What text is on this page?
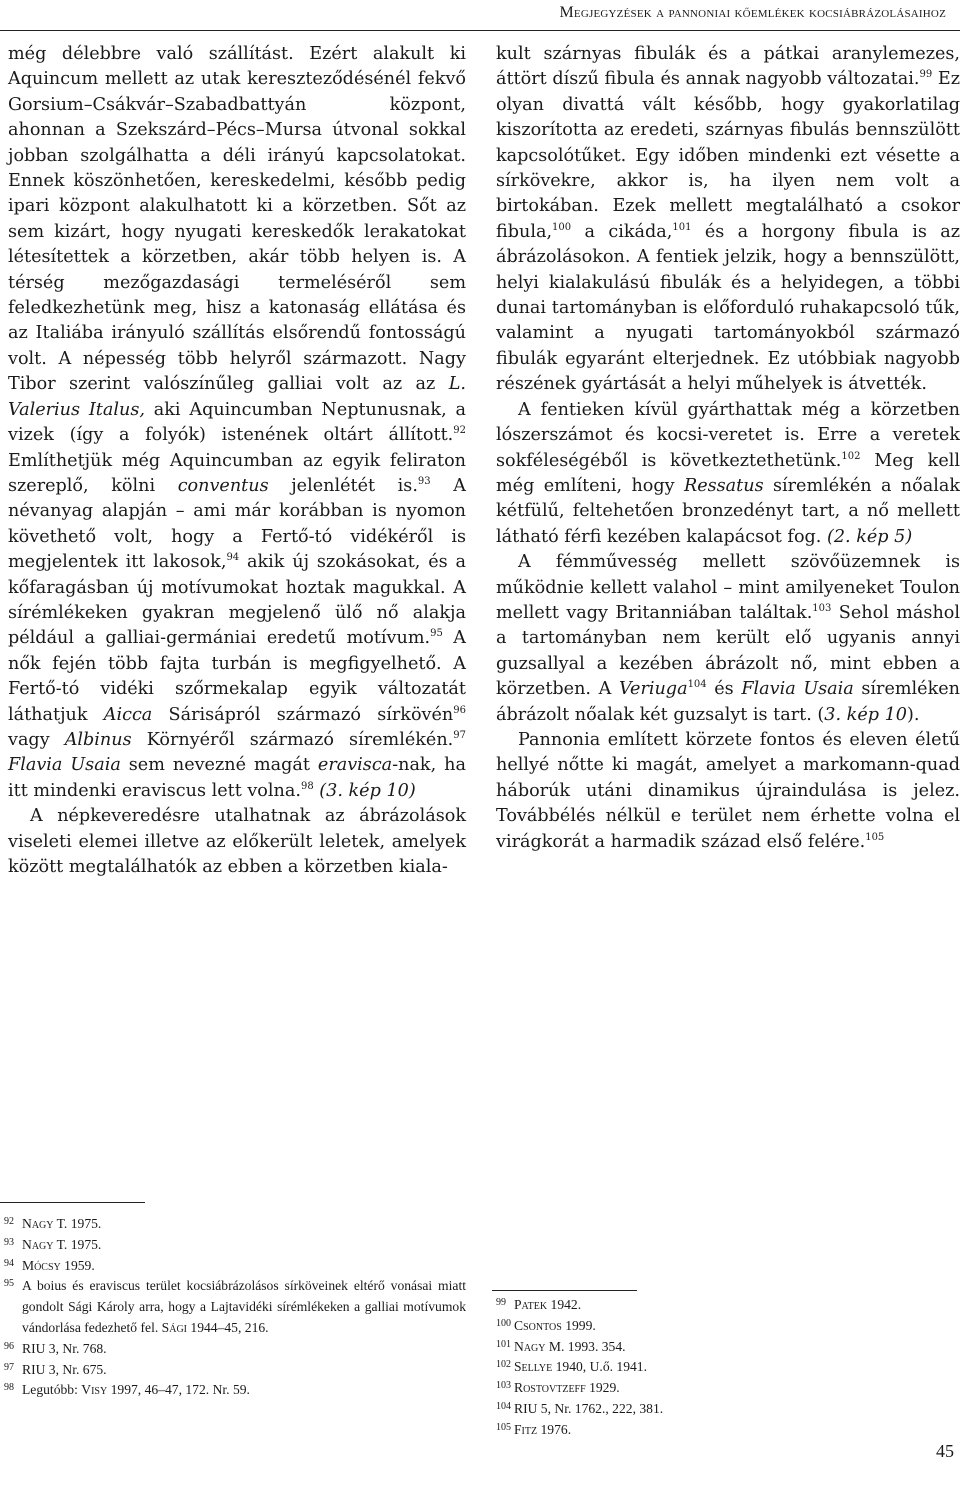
Megjegyzések a pannoniai kőemlékek kocsiábrázolásaihoz

még délebbre való szállítást. Ezért alakult ki Aquincum mellett az utak kereszteződésénél fekvő Gorsium–Csákvár–Szabadbattyán központ, ahonnan a Szekszárd–Pécs–Mursa útvonal sokkal jobban szolgálhatta a déli irányú kapcsolatokat. Ennek köszönhetően, kereskedelmi, később pedig ipari központ alakulhatott ki a körzetben. Sőt az sem kizárt, hogy nyugati kereskedők lerakatokat létesítettek a körzetben, akár több helyen is. A térség mezőgazdasági termeléséről sem feledkezhetünk meg, hisz a katonaság ellátása és az Italiába irányuló szállítás elsőrendű fontosságú volt. A népesség több helyről származott. Nagy Tibor szerint valószínűleg galliai volt az az L. Valerius Italus, aki Aquincumban Neptunusnak, a vizek (így a folyók) istenének oltárt állított.$^{92}$ Említhetjük még Aquincumban az egyik feliraton szereplő, kölni conventus jelenlétét is.$^{93}$ A névanyag alapján – ami már korábban is nyomon követhető volt, hogy a Fertő-tó vidékéről is megjelentek itt lakosok,$^{94}$ akik új szokásokat, és a kőfaragásban új motívumokat hoztak magukkal. A sírémlékeken gyakran megjelenő ülő nő alakja például a galliai-germániai eredetű motívum.$^{95}$ A nők fején több fajta turbán is megfigyelhető. A Fertő-tó vidéki szőrmekalap egyik változatát láthatjuk Aicca Sárisápról származó sírkövén$^{96}$ vagy Albinus Környéről származó síremlékén.$^{97}$ Flavia Usaia sem nevezné magát eravisca-nak, ha itt mindenki eraviscus lett volna.$^{98}$ (3. kép 10)

A népkeveredésre utalhatnak az ábrázolások viseleti elemei illetve az előkerült leletek, amelyek között megtalálhatók az ebben a körzetben kiala-

kult szárnyas fibulák és a pátkai aranylemezes, áttört díszű fibula és annak nagyobb változatai.$^{99}$ Ez olyan divattá vált később, hogy gyakorlatilag kiszorította az eredeti, szárnyas fibulás bennszülött kapcsolótűket. Egy időben mindenki ezt vésette a sírkövekre, akkor is, ha ilyen nem volt a birtokában. Ezek mellett megtalálható a csokor fibula,$^{100}$ a cikáda,$^{101}$ és a horgony fibula is az ábrázolásokon. A fentiek jelzik, hogy a bennszülött, helyi kialakulású fibulák és a helyidegen, a többi dunai tartományban is előforduló ruhakapcsoló tűk, valamint a nyugati tartományokból származó fibulák egyaránt elterjednek. Ez utóbbiak nagyobb részének gyártását a helyi műhelyek is átvették.

A fentieken kívül gyárthattak még a körzetben lószerszámot és kocsi-veretet is. Erre a veretek sokféleségéből is következtethetünk.$^{102}$ Meg kell még említeni, hogy Ressatus síremlékén a nőalak kétfülű, feltehetően bronzedényt tart, a nő mellett látható férfi kezében kalapácsot fog. (2. kép 5)

A fémművesség mellett szövőüzemnek is működnie kellett valahol – mint amilyeneket Toulon mellett vagy Britanniában találtak.$^{103}$ Sehol máshol a tartományban nem került elő ugyanis annyi guzsallyal a kezében ábrázolt nő, mint ebben a körzetben. A Veriuga$^{104}$ és Flavia Usaia síremléken ábrázolt nőalak két guzsalyt is tart. (3. kép 10).

Pannonia említett körzete fontos és eleven életű hellyé nőtte ki magát, amelyet a markomann-quad háborúk utáni dinamikus újraindulása is jelez. Továbbélés nélkül e terület nem érhette volna el virágkorát a harmadik század első felére.$^{105}$

92 Nagy T. 1975.
93 Nagy T. 1975.
94 Mócsy 1959.
95 A boius és eraviscus terület kocsiábrázolásos sírköveinek eltérő vonásai miatt gondolt Sági Károly arra, hogy a Lajtavidéki sírémlékeken a galliai motívumok vándorlása fedezhető fel. Sági 1944–45, 216.
96 RIU 3, Nr. 768.
97 RIU 3, Nr. 675.
98 Legutóbb: Visy 1997, 46–47, 172. Nr. 59.
99 Patek 1942.
100 Csontos 1999.
101 Nagy M. 1993. 354.
102 Sellye 1940, U.ő. 1941.
103 Rostovtzeff 1929.
104 RIU 5, Nr. 1762., 222, 381.
105 Fitz 1976.
45
